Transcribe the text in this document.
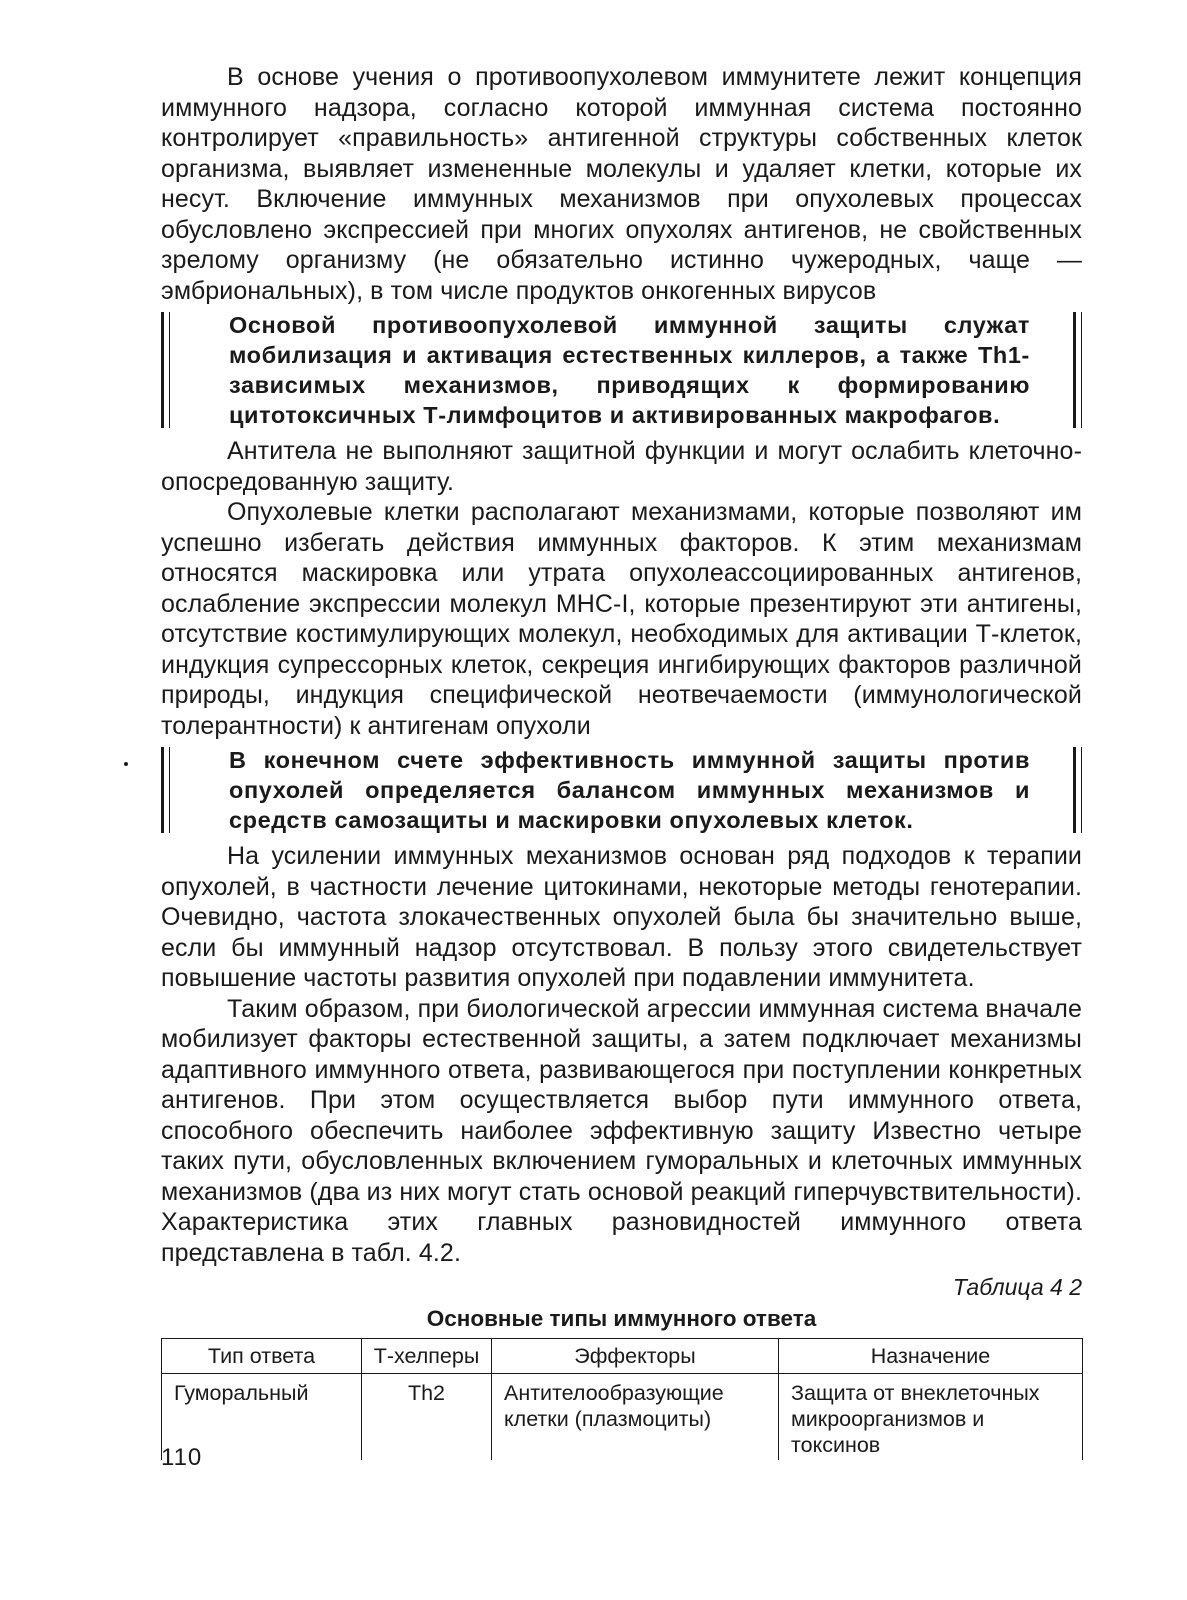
В основе учения о противоопухолевом иммунитете лежит концепция иммунного надзора, согласно которой иммунная система постоянно контролирует «правильность» антигенной структуры собственных клеток организма, выявляет измененные молекулы и удаляет клетки, которые их несут. Включение иммунных механизмов при опухолевых процессах обусловлено экспрессией при многих опухолях антигенов, не свойственных зрелому организму (не обязательно истинно чужеродных, чаще — эмбриональных), в том числе продуктов онкогенных вирусов

Основой противоопухолевой иммунной защиты служат мобилизация и активация естественных киллеров, а также Th1-зависимых механизмов, приводящих к формированию цитотоксичных Т-лимфоцитов и активированных макрофагов.

Антитела не выполняют защитной функции и могут ослабить клеточно-опосредованную защиту.

Опухолевые клетки располагают механизмами, которые позволяют им успешно избегать действия иммунных факторов. К этим механизмам относятся маскировка или утрата опухолеассоциированных антигенов, ослабление экспрессии молекул МНС-I, которые презентируют эти антигены, отсутствие костимулирующих молекул, необходимых для активации Т-клеток, индукция супрессорных клеток, секреция ингибирующих факторов различной природы, индукция специфической неотвечаемости (иммунологической толерантности) к антигенам опухоли

В конечном счете эффективность иммунной защиты против опухолей определяется балансом иммунных механизмов и средств самозащиты и маскировки опухолевых клеток.

На усилении иммунных механизмов основан ряд подходов к терапии опухолей, в частности лечение цитокинами, некоторые методы генотерапии. Очевидно, частота злокачественных опухолей была бы значительно выше, если бы иммунный надзор отсутствовал. В пользу этого свидетельствует повышение частоты развития опухолей при подавлении иммунитета.

Таким образом, при биологической агрессии иммунная система вначале мобилизует факторы естественной защиты, а затем подключает механизмы адаптивного иммунного ответа, развивающегося при поступлении конкретных антигенов. При этом осуществляется выбор пути иммунного ответа, способного обеспечить наиболее эффективную защиту Известно четыре таких пути, обусловленных включением гуморальных и клеточных иммунных механизмов (два из них могут стать основой реакций гиперчувствительности). Характеристика этих главных разновидностей иммунного ответа представлена в табл. 4.2.

Таблица 4 2
Основные типы иммунного ответа
Тип ответа	Т-хелперы	Эффекторы	Назначение
Гуморальный	Th2	Антителообразующие клетки (плазмоциты)	Защита от внеклеточных микроорганизмов и токсинов
110
